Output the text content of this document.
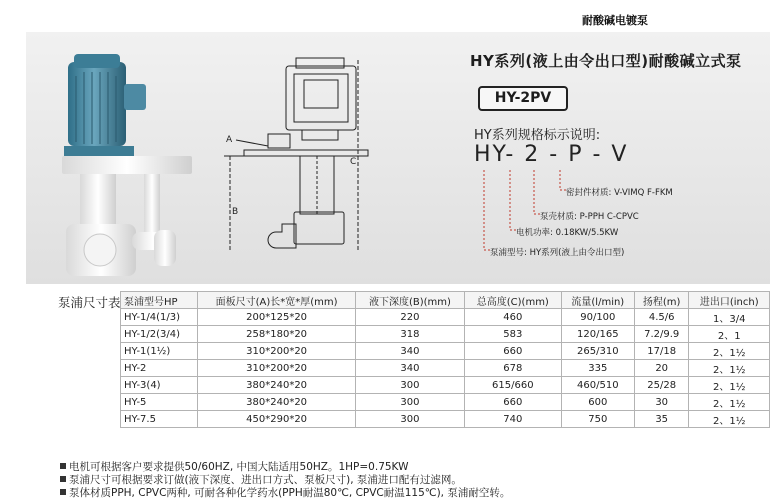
耐酸碱电镀泵
A
B
C
HY系列(液上由令出口型)耐酸碱立式泵
HY-2PV
HY系列规格标示说明:
HY- 2 - P - V
密封件材质: V-VIMQ F-FKM
泵壳材质: P-PPH C-CPVC
电机功率: 0.18KW/5.5KW
泵浦型号: HY系列(液上由令出口型)
泵浦尺寸表 泵浦型号HP	面板尺寸(A)长*宽*厚(mm)	液下深度(B)(mm)	总高度(C)(mm)	流量(l/min)	扬程(m)	进出口(inch)
HY-1/4(1/3)	200*125*20	220	460	90/100	4.5/6	1、3/4
HY-1/2(3/4)	258*180*20	318	583	120/165	7.2/9.9	2、1
HY-1(1½)	310*200*20	340	660	265/310	17/18	2、1½
HY-2	310*200*20	340	678	335	20	2、1½
HY-3(4)	380*240*20	300	615/660	460/510	25/28	2、1½
HY-5	380*240*20	300	660	600	30	2、1½
HY-7.5	450*290*20	300	740	750	35	2、1½
电机可根据客户要求提供50/60HZ, 中国大陆适用50HZ。1HP=0.75KW
泵浦尺寸可根据要求订做(液下深度、进出口方式、泵板尺寸), 泵浦进口配有过滤网。
泵体材质PPH, CPVC两种, 可耐各种化学药水(PPH耐温80℃, CPVC耐温115℃), 泵浦耐空转。
